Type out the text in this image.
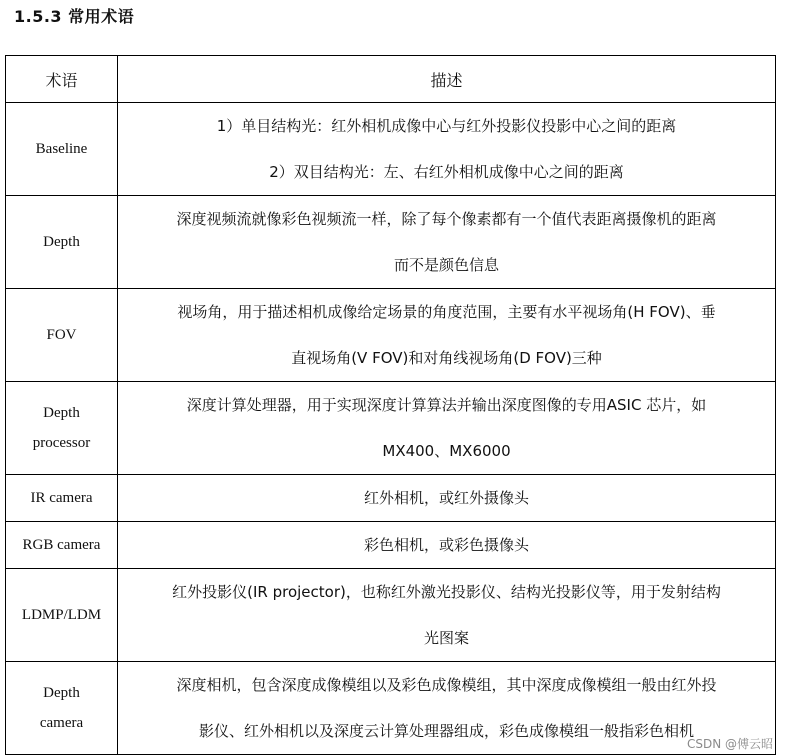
1.5.3 常用术语
术语	描述

Baseline	1）单目结构光：红外相机成像中心与红外投影仪投影中心之间的距离
2）双目结构光：左、右红外相机成像中心之间的距离

Depth	深度视频流就像彩色视频流一样，除了每个像素都有一个值代表距离摄像机的距离
而不是颜色信息

FOV	视场角，用于描述相机成像给定场景的角度范围，主要有水平视场角(H FOV)、垂
直视场角(V FOV)和对角线视场角(D FOV)三种

Depth
processor	深度计算处理器，用于实现深度计算算法并输出深度图像的专用ASIC 芯片，如
MX400、MX6000

IR camera	红外相机，或红外摄像头

RGB camera	彩色相机，或彩色摄像头

LDMP/LDM	红外投影仪(IR projector)，也称红外激光投影仪、结构光投影仪等，用于发射结构
光图案

Depth
camera	深度相机，包含深度成像模组以及彩色成像模组，其中深度成像模组一般由红外投
影仪、红外相机以及深度云计算处理器组成，彩色成像模组一般指彩色相机
CSDN @傅云昭
